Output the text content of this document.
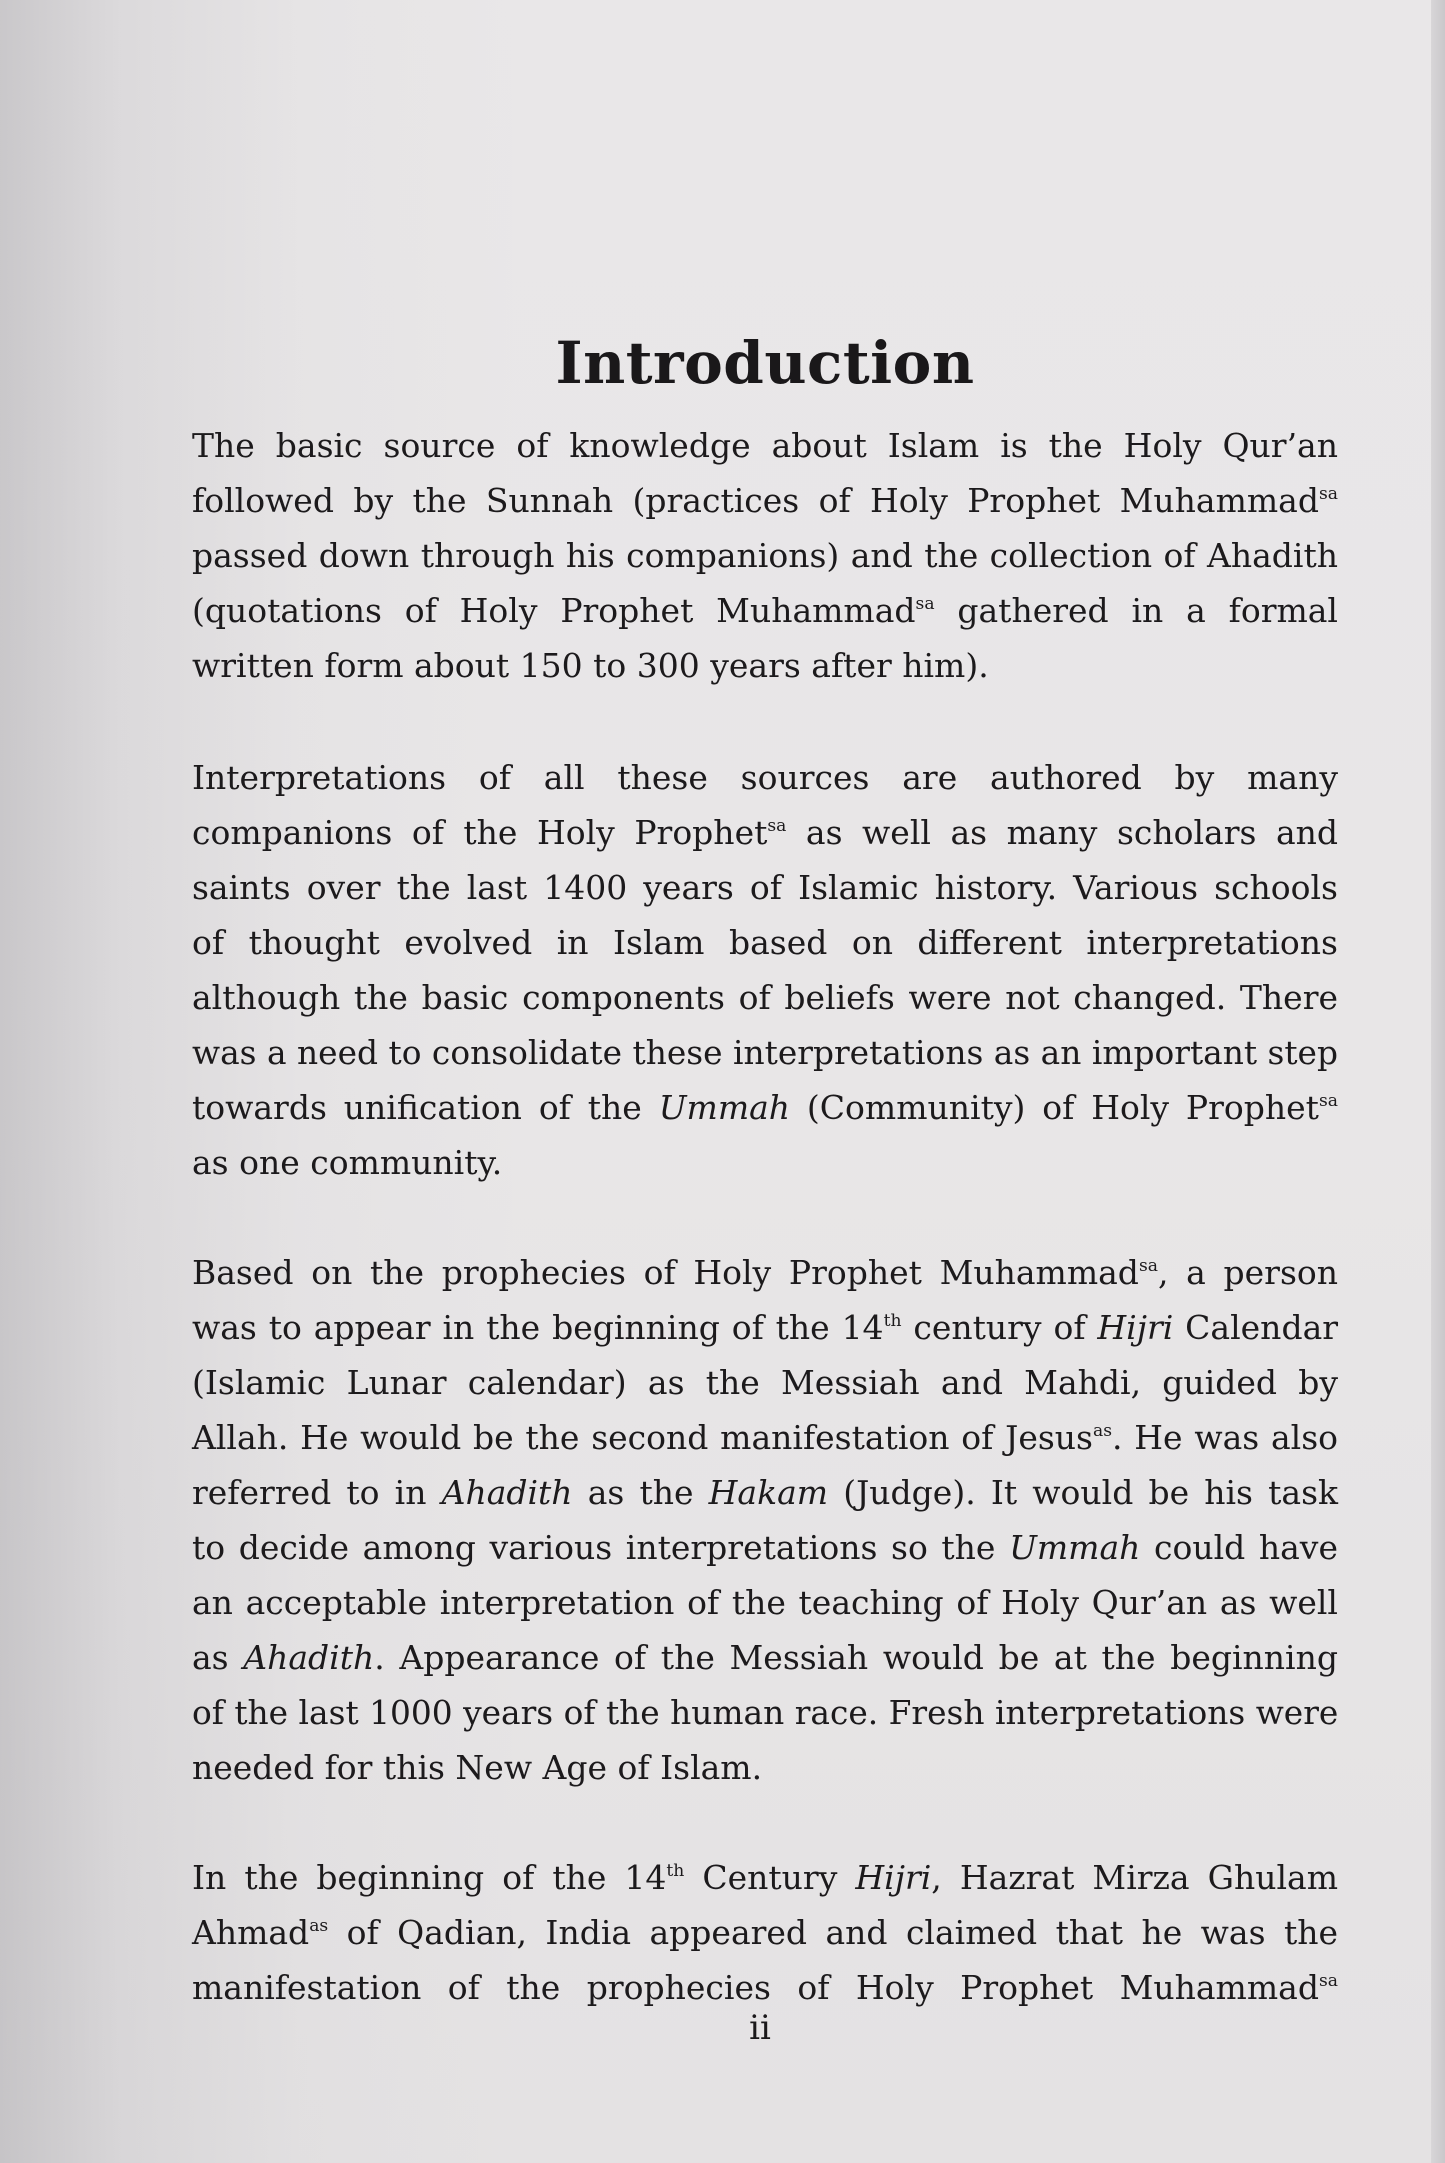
Introduction
The basic source of knowledge about Islam is the Holy Qur’an
followed by the Sunnah (practices of Holy Prophet Muhammad$^{sa}$
passed down through his companions) and the collection of Ahadith
(quotations of Holy Prophet Muhammad$^{sa}$ gathered in a formal
written form about 150 to 300 years after him).
Interpretations of all these sources are authored by many
companions of the Holy Prophet$^{sa}$ as well as many scholars and
saints over the last 1400 years of Islamic history. Various schools
of thought evolved in Islam based on different interpretations
although the basic components of beliefs were not changed. There
was a need to consolidate these interpretations as an important step
towards unification of the Ummah (Community) of Holy Prophet$^{sa}$
as one community.
Based on the prophecies of Holy Prophet Muhammad$^{sa}$, a person
was to appear in the beginning of the 14th century of Hijri Calendar
(Islamic Lunar calendar) as the Messiah and Mahdi, guided by
Allah. He would be the second manifestation of Jesus$^{as}$. He was also
referred to in Ahadith as the Hakam (Judge). It would be his task
to decide among various interpretations so the Ummah could have
an acceptable interpretation of the teaching of Holy Qur’an as well
as Ahadith. Appearance of the Messiah would be at the beginning
of the last 1000 years of the human race. Fresh interpretations were
needed for this New Age of Islam.
In the beginning of the 14th Century Hijri, Hazrat Mirza Ghulam
Ahmad$^{as}$ of Qadian, India appeared and claimed that he was the
manifestation of the prophecies of Holy Prophet Muhammad$^{sa}$
ii
